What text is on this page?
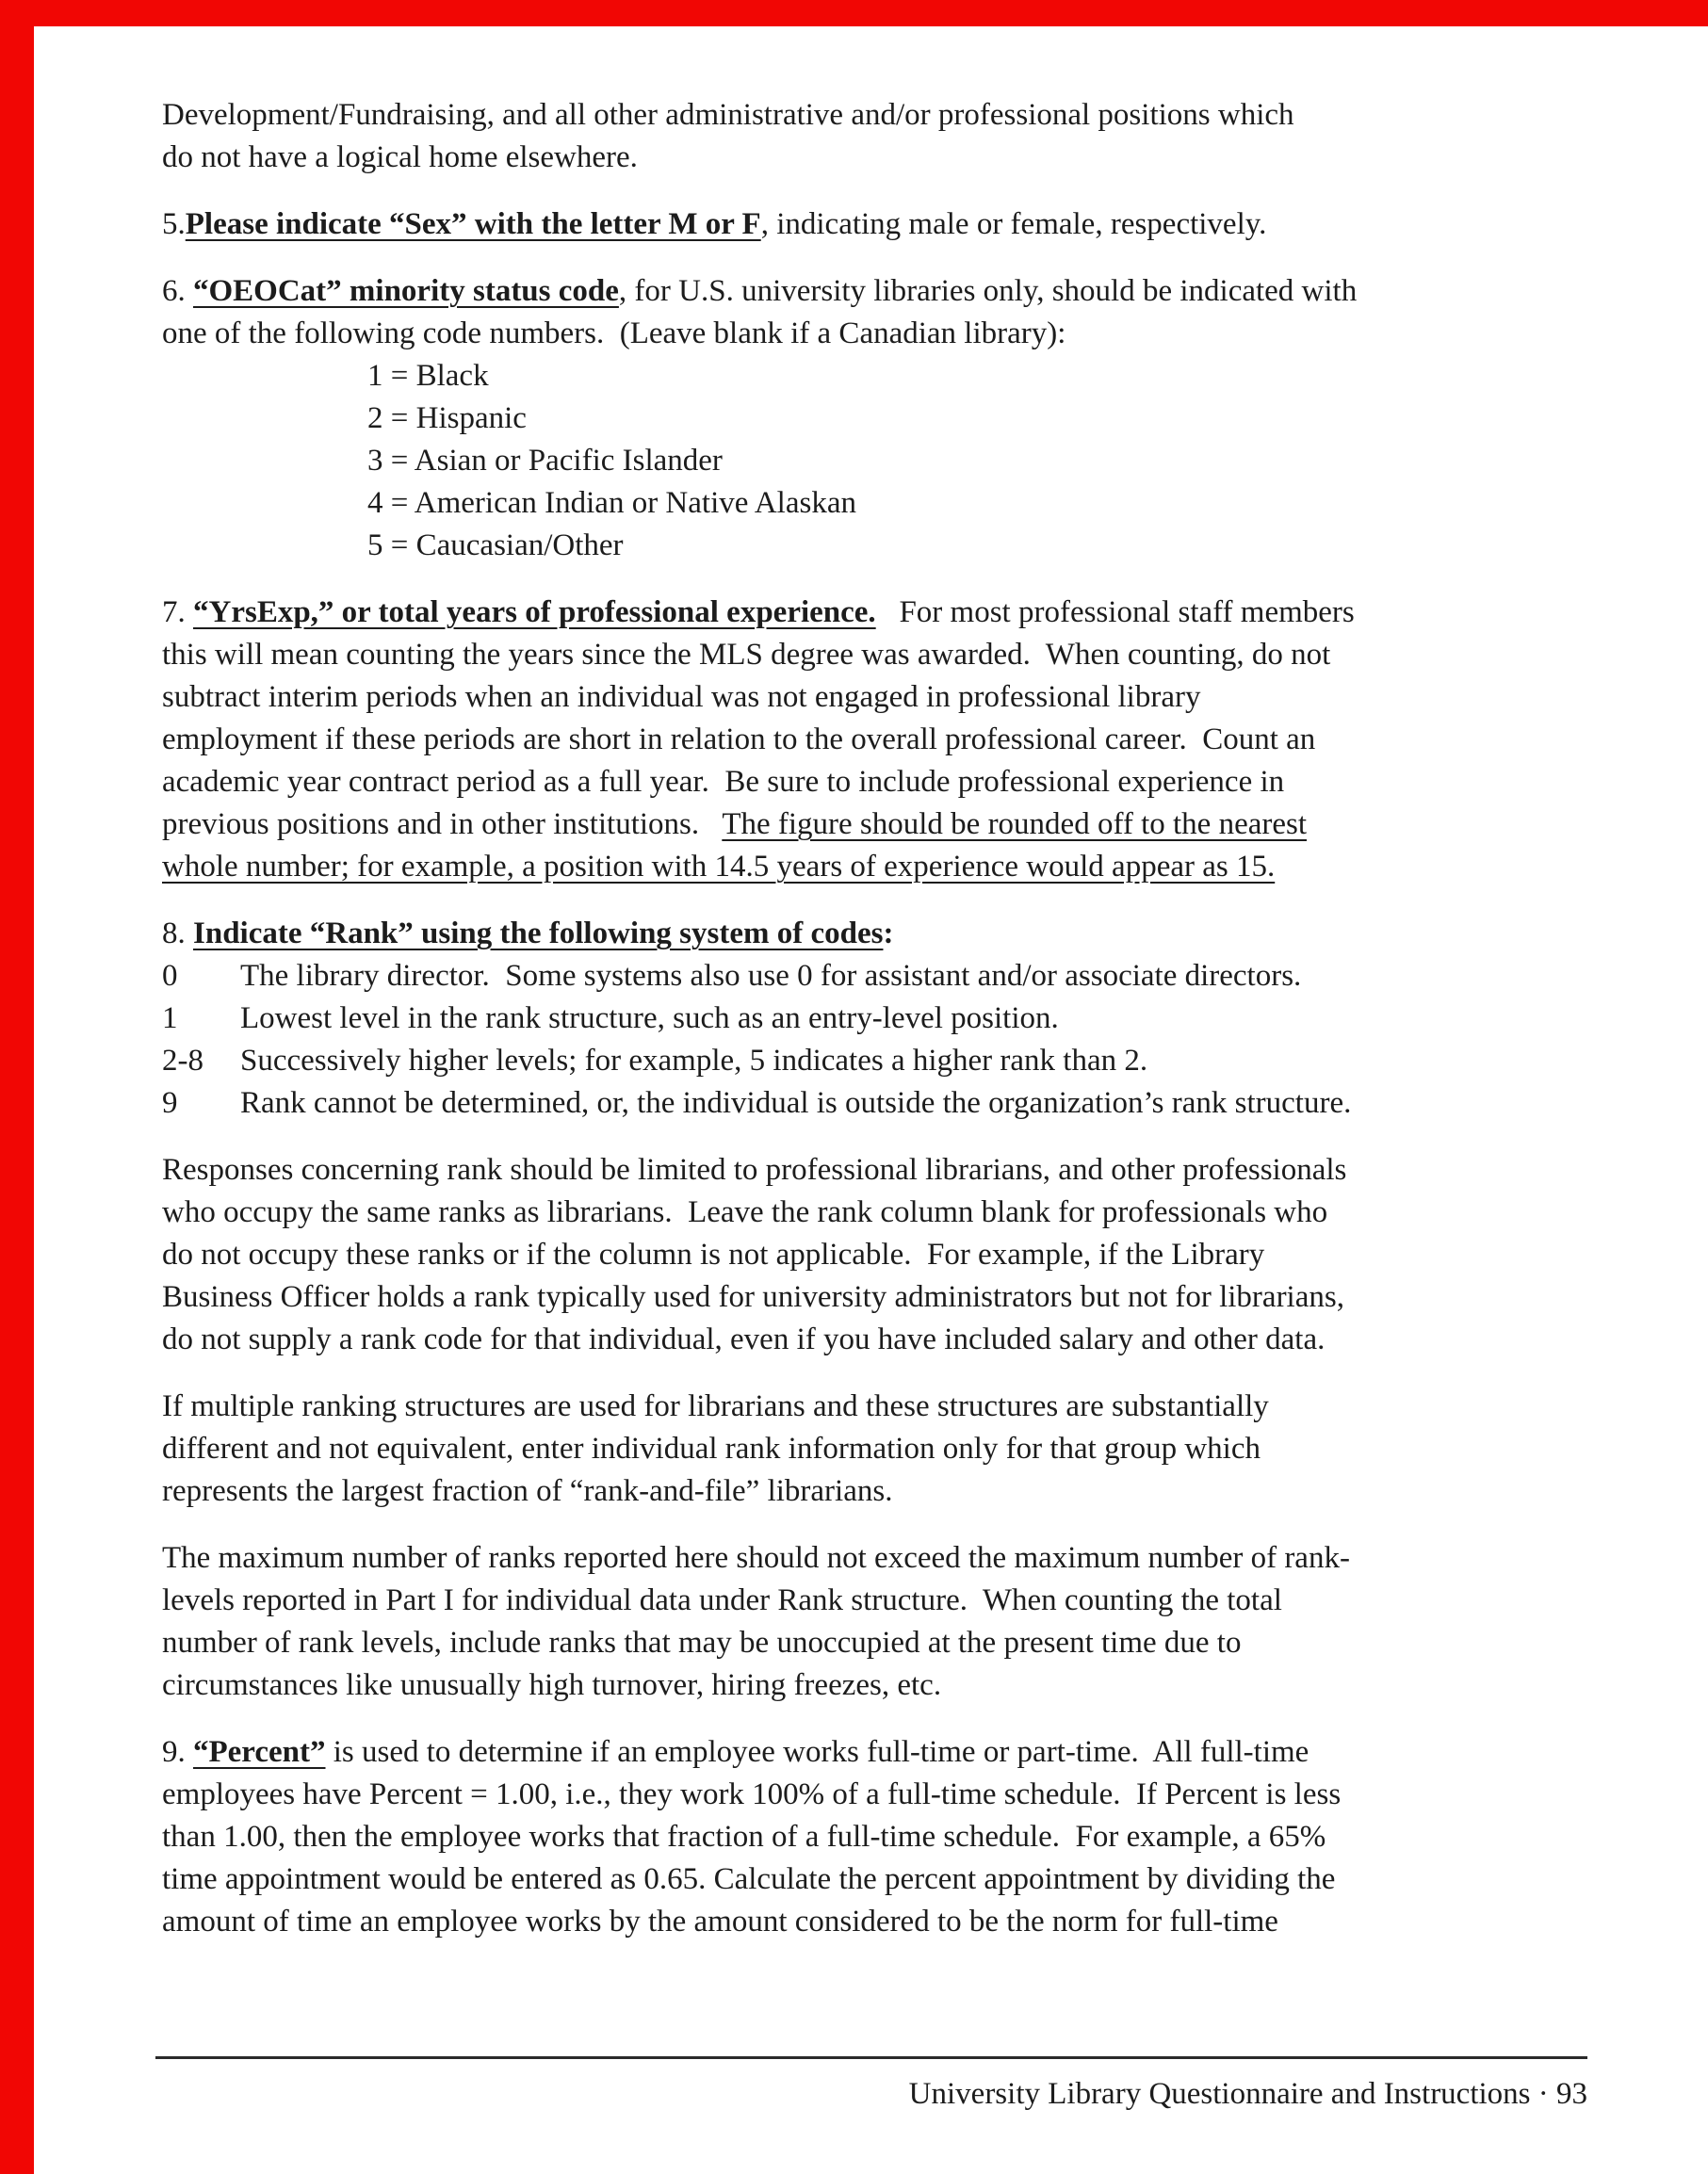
Development/Fundraising, and all other administrative and/or professional positions which
do not have a logical home elsewhere.
5.Please indicate “Sex” with the letter M or F, indicating male or female, respectively.
6. “OEOCat” minority status code, for U.S. university libraries only, should be indicated with
one of the following code numbers.  (Leave blank if a Canadian library):
1 = Black
2 = Hispanic
3 = Asian or Pacific Islander
4 = American Indian or Native Alaskan
5 = Caucasian/Other
7. “YrsExp,” or total years of professional experience.   For most professional staff members
this will mean counting the years since the MLS degree was awarded.  When counting, do not
subtract interim periods when an individual was not engaged in professional library
employment if these periods are short in relation to the overall professional career.  Count an
academic year contract period as a full year.  Be sure to include professional experience in
previous positions and in other institutions.   The figure should be rounded off to the nearest
whole number; for example, a position with 14.5 years of experience would appear as 15.
8. Indicate “Rank” using the following system of codes:
0 The library director.  Some systems also use 0 for assistant and/or associate directors.
1 Lowest level in the rank structure, such as an entry-level position.
2-8 Successively higher levels; for example, 5 indicates a higher rank than 2.
9 Rank cannot be determined, or, the individual is outside the organization’s rank structure.
Responses concerning rank should be limited to professional librarians, and other professionals
who occupy the same ranks as librarians.  Leave the rank column blank for professionals who
do not occupy these ranks or if the column is not applicable.  For example, if the Library
Business Officer holds a rank typically used for university administrators but not for librarians,
do not supply a rank code for that individual, even if you have included salary and other data.
If multiple ranking structures are used for librarians and these structures are substantially
different and not equivalent, enter individual rank information only for that group which
represents the largest fraction of “rank-and-file” librarians.
The maximum number of ranks reported here should not exceed the maximum number of rank-
levels reported in Part I for individual data under Rank structure.  When counting the total
number of rank levels, include ranks that may be unoccupied at the present time due to
circumstances like unusually high turnover, hiring freezes, etc.
9. “Percent” is used to determine if an employee works full-time or part-time.  All full-time
employees have Percent = 1.00, i.e., they work 100% of a full-time schedule.  If Percent is less
than 1.00, then the employee works that fraction of a full-time schedule.  For example, a 65%
time appointment would be entered as 0.65. Calculate the percent appointment by dividing the
amount of time an employee works by the amount considered to be the norm for full-time
University Library Questionnaire and Instructions · 93
